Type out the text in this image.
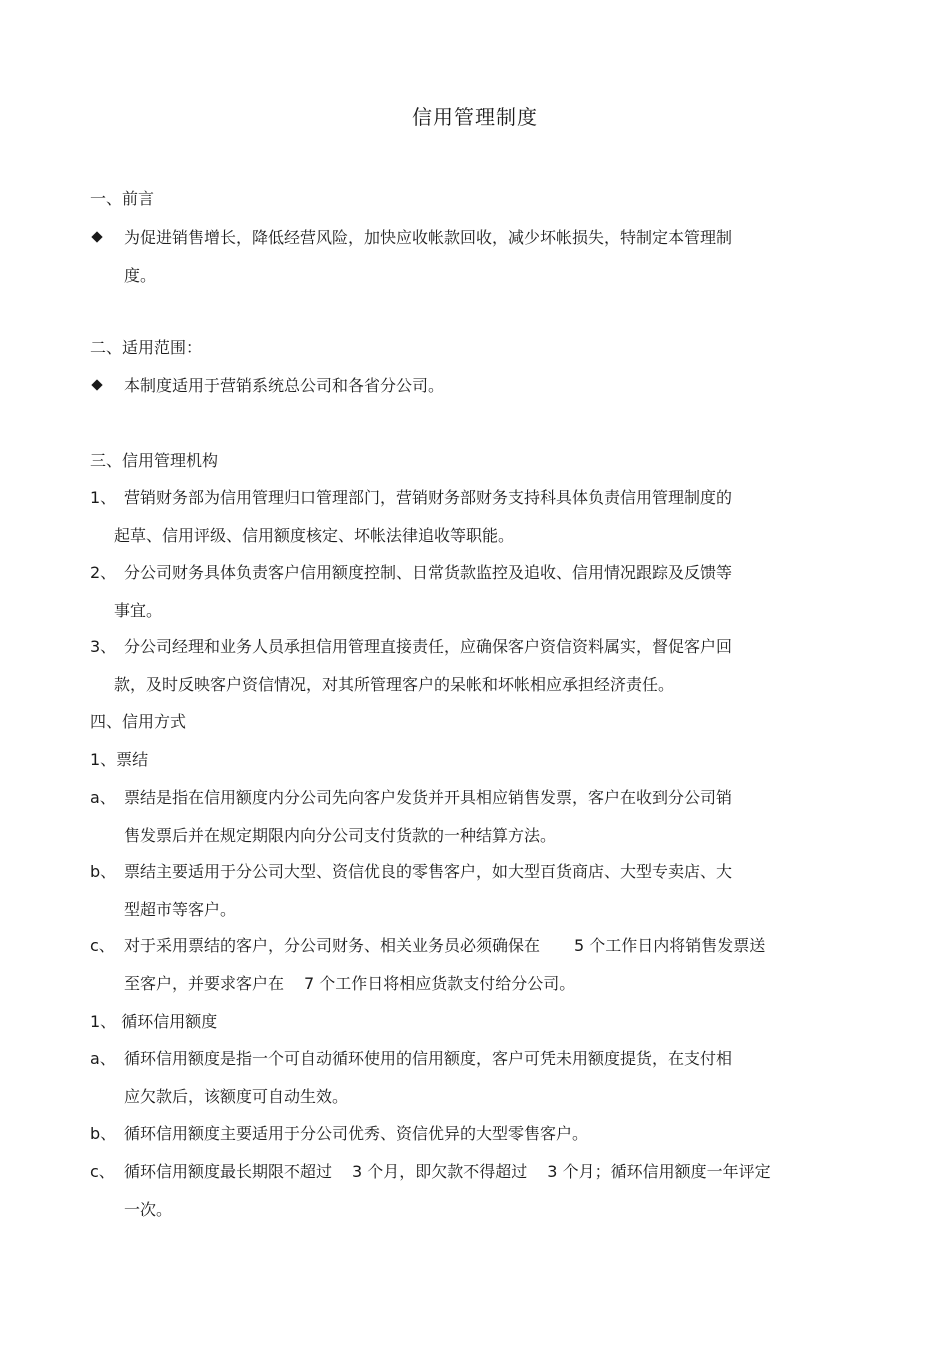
信用管理制度
一、前言
为促进销售增长，降低经营风险，加快应收帐款回收，减少坏帐损失，特制定本管理制
度。
二、适用范围：
本制度适用于营销系统总公司和各省分公司。
三、信用管理机构
1、 营销财务部为信用管理归口管理部门，营销财务部财务支持科具体负责信用管理制度的
起草、信用评级、信用额度核定、坏帐法律追收等职能。
2、 分公司财务具体负责客户信用额度控制、日常货款监控及追收、信用情况跟踪及反馈等
事宜。
3、 分公司经理和业务人员承担信用管理直接责任，应确保客户资信资料属实，督促客户回
款，及时反映客户资信情况，对其所管理客户的呆帐和坏帐相应承担经济责任。
四、信用方式
1、票结
a、 票结是指在信用额度内分公司先向客户发货并开具相应销售发票，客户在收到分公司销
售发票后并在规定期限内向分公司支付货款的一种结算方法。
b、 票结主要适用于分公司大型、资信优良的零售客户，如大型百货商店、大型专卖店、大
型超市等客户。
c、 对于采用票结的客户，分公司财务、相关业务员必须确保在 5 个工作日内将销售发票送
至客户，并要求客户在 7 个工作日将相应货款支付给分公司。
1、 循环信用额度
a、 循环信用额度是指一个可自动循环使用的信用额度，客户可凭未用额度提货，在支付相
应欠款后，该额度可自动生效。
b、 循环信用额度主要适用于分公司优秀、资信优异的大型零售客户。
c、 循环信用额度最长期限不超过 3 个月，即欠款不得超过 3 个月；循环信用额度一年评定
一次。
